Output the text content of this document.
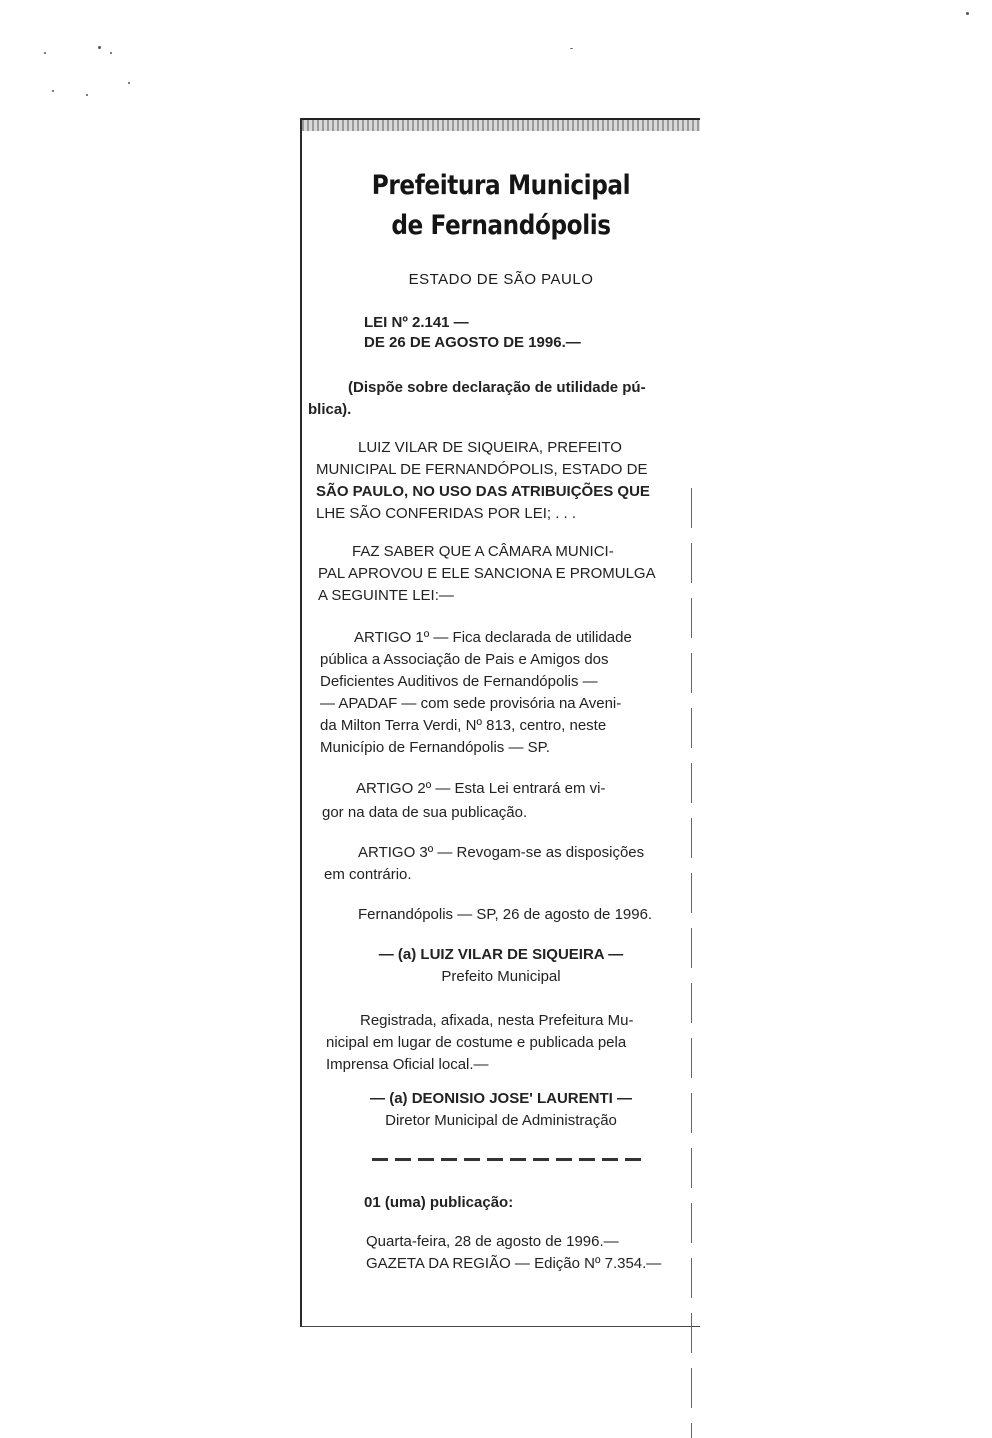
Prefeitura Municipal
de Fernandópolis
ESTADO DE SÃO PAULO
LEI Nº 2.141 —
DE 26 DE AGOSTO DE 1996.—
(Dispõe sobre declaração de utilidade pú-
blica).
LUIZ VILAR DE SIQUEIRA, PREFEITO
MUNICIPAL DE FERNANDÓPOLIS, ESTADO DE
SÃO PAULO, NO USO DAS ATRIBUIÇÕES QUE
LHE SÃO CONFERIDAS POR LEI; . . .
FAZ SABER QUE A CÂMARA MUNICI-
PAL APROVOU E ELE SANCIONA E PROMULGA
A SEGUINTE LEI:—
ARTIGO 1º — Fica declarada de utilidade
pública a Associação de Pais e Amigos dos
Deficientes Auditivos de Fernandópolis —
— APADAF — com sede provisória na Aveni-
da Milton Terra Verdi, Nº 813, centro, neste
Município de Fernandópolis — SP.
ARTIGO 2º — Esta Lei entrará em vi-
gor na data de sua publicação.
ARTIGO 3º — Revogam-se as disposições
em contrário.
Fernandópolis — SP, 26 de agosto de 1996.
— (a) LUIZ VILAR DE SIQUEIRA —
Prefeito Municipal
Registrada, afixada, nesta Prefeitura Mu-
nicipal em lugar de costume e publicada pela
Imprensa Oficial local.—
— (a) DEONISIO JOSE' LAURENTI —
Diretor Municipal de Administração
01 (uma) publicação:
Quarta-feira, 28 de agosto de 1996.—
GAZETA DA REGIÃO — Edição Nº 7.354.—
